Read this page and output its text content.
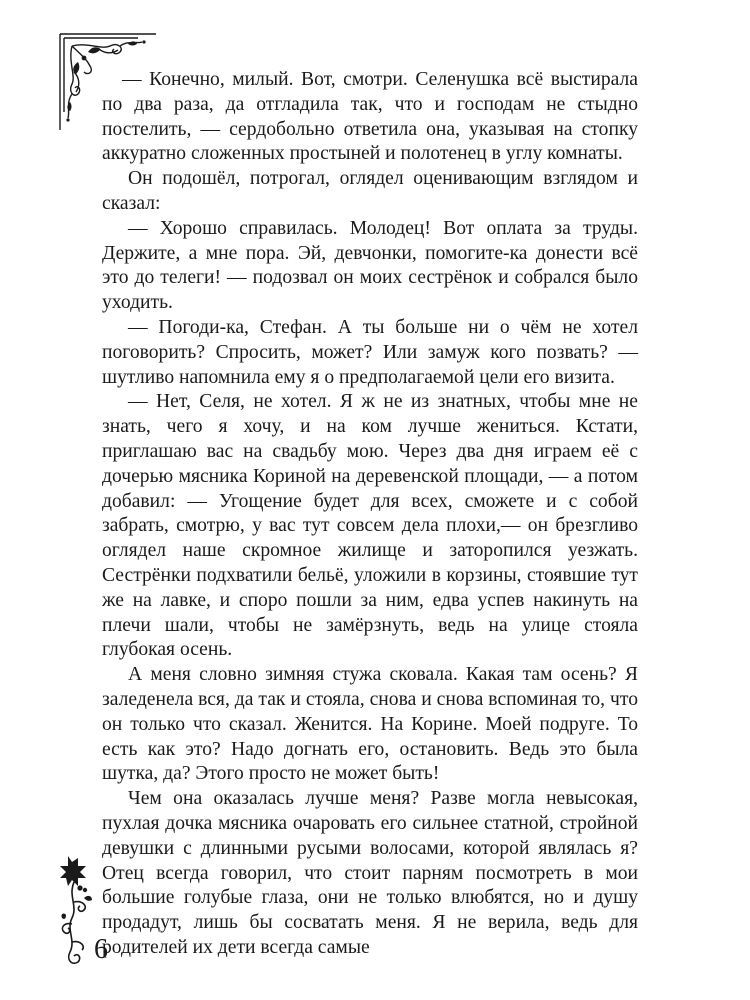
— Конечно, милый. Вот, смотри. Селенушка всё выстирала по два раза, да отгладила так, что и господам не стыдно постелить, — сердобольно ответила она, указывая на стопку аккуратно сложенных простыней и полотенец в углу комнаты.

Он подошёл, потрогал, оглядел оценивающим взглядом и сказал:

— Хорошо справилась. Молодец! Вот оплата за труды. Держите, а мне пора. Эй, девчонки, помогите-ка донести всё это до телеги! — подозвал он моих сестрёнок и собрался было уходить.

— Погоди-ка, Стефан. А ты больше ни о чём не хотел поговорить? Спросить, может? Или замуж кого позвать? — шутливо напомнила ему я о предполагаемой цели его визита.

— Нет, Селя, не хотел. Я ж не из знатных, чтобы мне не знать, чего я хочу, и на ком лучше жениться. Кстати, приглашаю вас на свадьбу мою. Через два дня играем её с дочерью мясника Кориной на деревенской площади, — а потом добавил: — Угощение будет для всех, сможете и с собой забрать, смотрю, у вас тут совсем дела плохи,— он брезгливо оглядел наше скромное жилище и заторопился уезжать. Сестрёнки подхватили бельё, уложили в корзины, стоявшие тут же на лавке, и споро пошли за ним, едва успев накинуть на плечи шали, чтобы не замёрзнуть, ведь на улице стояла глубокая осень.

А меня словно зимняя стужа сковала. Какая там осень? Я заледенела вся, да так и стояла, снова и снова вспоминая то, что он только что сказал. Женится. На Корине. Моей подруге. То есть как это? Надо догнать его, остановить. Ведь это была шутка, да? Этого просто не может быть!

Чем она оказалась лучше меня? Разве могла невысокая, пухлая дочка мясника очаровать его сильнее статной, стройной девушки с длинными русыми волосами, которой являлась я? Отец всегда говорил, что стоит парням посмотреть в мои большие голубые глаза, они не только влюбятся, но и душу продадут, лишь бы сосватать меня. Я не верила, ведь для родителей их дети всегда самые

6
